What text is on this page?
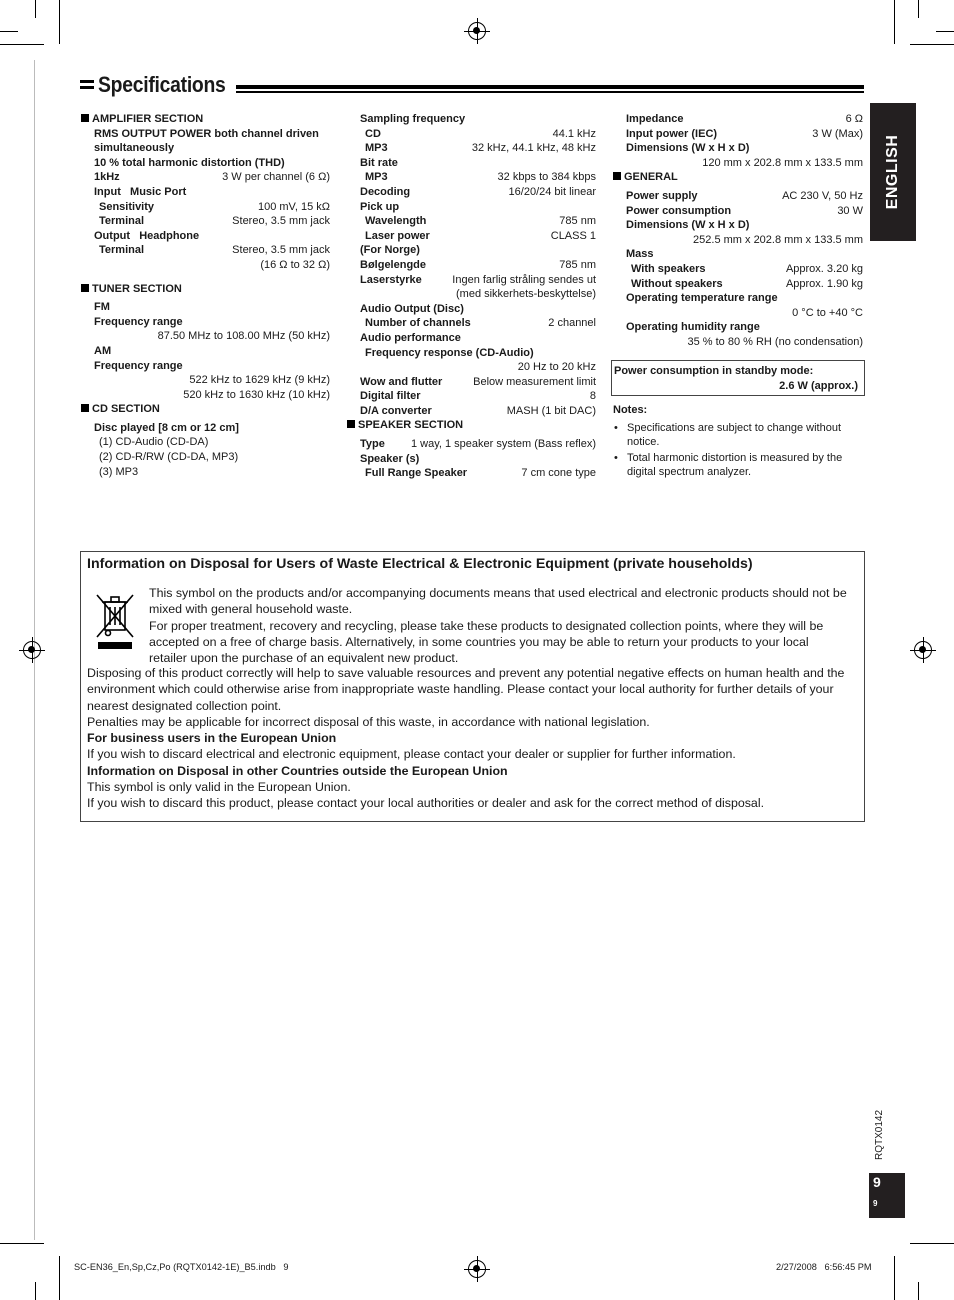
Specifications
ENGLISH
AMPLIFIER SECTION
RMS OUTPUT POWER both channel driven
simultaneously
10 % total harmonic distortion (THD)
1kHz	3 W per channel (6 Ω)
Input   Music Port
Sensitivity	100 mV, 15 kΩ
Terminal	Stereo, 3.5 mm jack
Output   Headphone
Terminal	Stereo, 3.5 mm jack
(16 Ω to 32 Ω)
TUNER SECTION
FM
Frequency range
87.50 MHz to 108.00 MHz (50 kHz)
AM
Frequency range
522 kHz to 1629 kHz (9 kHz)
520 kHz to 1630 kHz (10 kHz)
CD SECTION
Disc played [8 cm or 12 cm]
(1) CD-Audio (CD-DA)
(2) CD-R/RW (CD-DA, MP3)
(3) MP3
Sampling frequency
CD	44.1 kHz
MP3	32 kHz, 44.1 kHz, 48 kHz
Bit rate
MP3	32 kbps to 384 kbps
Decoding	16/20/24 bit linear
Pick up
Wavelength	785 nm
Laser power	CLASS 1
(For Norge)
Bølgelengde	785 nm
Laserstyrke	Ingen farlig stråling sendes ut
(med sikkerhets-beskyttelse)
Audio Output (Disc)
Number of channels	2 channel
Audio performance
Frequency response (CD-Audio)
20 Hz to 20 kHz
Wow and flutter	Below measurement limit
Digital filter	8
D/A converter	MASH (1 bit DAC)
SPEAKER SECTION
Type 1 way, 1 speaker system (Bass reflex)
Speaker (s)
Full Range Speaker	7 cm cone type
Impedance	6 Ω
Input power (IEC)	3 W (Max)
Dimensions (W x H x D)
120 mm x 202.8 mm x 133.5 mm
GENERAL
Power supply	AC 230 V, 50 Hz
Power consumption	30 W
Dimensions (W x H x D)
252.5 mm x 202.8 mm x 133.5 mm
Mass
With speakers	Approx. 3.20 kg
Without speakers	Approx. 1.90 kg
Operating temperature range
0 °C to +40 °C
Operating humidity range
35 % to 80 % RH (no condensation)
Power consumption in standby mode:
2.6 W (approx.)
Notes:
• Specifications are subject to change without notice.
• Total harmonic distortion is measured by the digital spectrum analyzer.
Information on Disposal for Users of Waste Electrical & Electronic Equipment (private households)
This symbol on the products and/or accompanying documents means that used electrical and electronic products should not be mixed with general household waste.
For proper treatment, recovery and recycling, please take these products to designated collection points, where they will be accepted on a free of charge basis. Alternatively, in some countries you may be able to return your products to your local retailer upon the purchase of an equivalent new product.

Disposing of this product correctly will help to save valuable resources and prevent any potential negative effects on human health and the environment which could otherwise arise from inappropriate waste handling. Please contact your local authority for further details of your nearest designated collection point.

Penalties may be applicable for incorrect disposal of this waste, in accordance with national legislation.

For business users in the European Union

If you wish to discard electrical and electronic equipment, please contact your dealer or supplier for further information.

Information on Disposal in other Countries outside the European Union

This symbol is only valid in the European Union.

If you wish to discard this product, please contact your local authorities or dealer and ask for the correct method of disposal.

RQTX0142
9
9
SC-EN36_En,Sp,Cz,Po (RQTX0142-1E)_B5.indb   9	2/27/2008   6:56:45 PM
